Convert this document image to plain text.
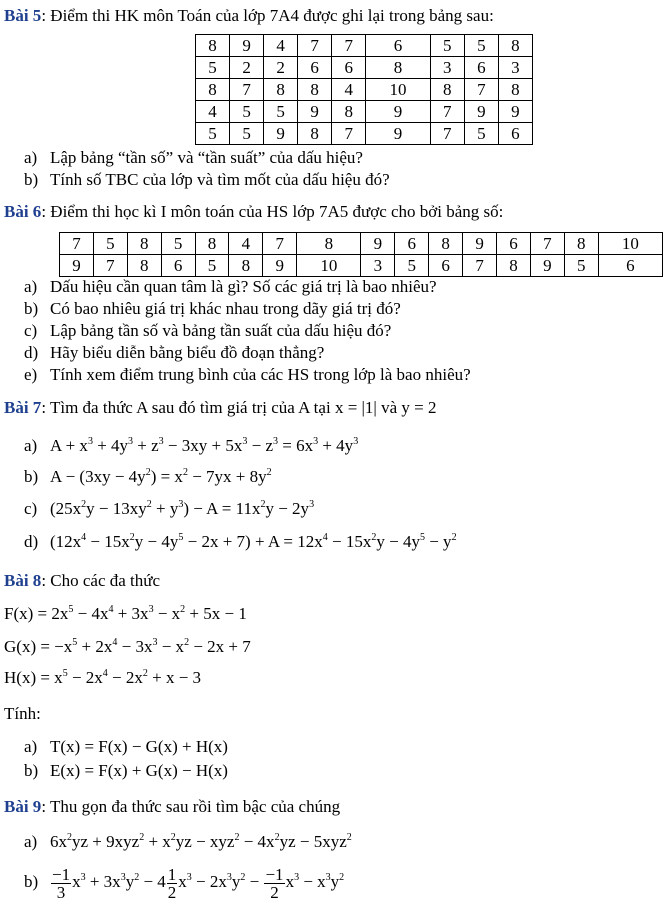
Bài 5: Điểm thi HK môn Toán của lớp 7A4 được ghi lại trong bảng sau:
8	9	4	7	7	6	5	5	8
5	2	2	6	6	8	3	6	3
8	7	8	8	4	10	8	7	8
4	5	5	9	8	9	7	9	9
5	5	9	8	7	9	7	5	6
a) Lập bảng “tần số” và “tần suất” của dấu hiệu?
b) Tính số TBC của lớp và tìm mốt của dấu hiệu đó?
Bài 6: Điểm thi học kì I môn toán của HS lớp 7A5 được cho bởi bảng số:
7	5	8	5	8	4	7	8	9	6	8	9	6	7	8	10
9	7	8	6	5	8	9	10	3	5	6	7	8	9	5	6
a) Dấu hiệu cần quan tâm là gì? Số các giá trị là bao nhiêu?
b) Có bao nhiêu giá trị khác nhau trong dãy giá trị đó?
c) Lập bảng tần số và bảng tần suất của dấu hiệu đó?
d) Hãy biểu diễn bằng biểu đồ đoạn thẳng?
e) Tính xem điểm trung bình của các HS trong lớp là bao nhiêu?
Bài 7: Tìm đa thức A sau đó tìm giá trị của A tại x = |1| và y = 2
a) $A + x^3 + 4y^3 + z^3 - 3xy + 5x^3 - z^3 = 6x^3 + 4y^3$
b) $A - (3xy - 4y^2) = x^2 - 7yx + 8y^2$
c) $(25x^2y - 13xy^2 + y^3) - A = 11x^2y - 2y^3$
d) $(12x^4 - 15x^2y - 4y^5 - 2x + 7) + A = 12x^4 - 15x^2y - 4y^5 - y^2$
Bài 8: Cho các đa thức
$F(x) = 2x^5 - 4x^4 + 3x^3 - x^2 + 5x - 1$
$G(x) = -x^5 + 2x^4 - 3x^3 - x^2 - 2x + 7$
$H(x) = x^5 - 2x^4 - 2x^2 + x - 3$
Tính:
a) T(x) = F(x) − G(x) + H(x)
b) E(x) = F(x) + G(x) − H(x)
Bài 9: Thu gọn đa thức sau rồi tìm bậc của chúng
a) $6x^2yz + 9xyz^2 + x^2yz - xyz^2 - 4x^2yz - 5xyz^2$
$b) \frac{-1}{3} x^3 + 3x^3y^2 - 4 \frac{1}{2} x^3 - 2x^3y^2 - \frac{-1}{2} x^3 - x^3y^2$
